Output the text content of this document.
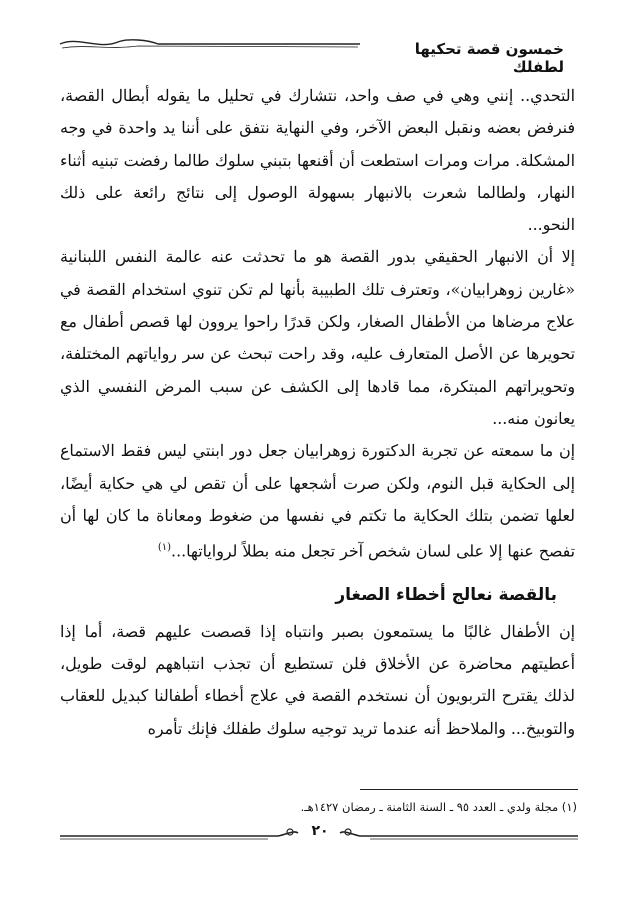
خمسون قصة تحكيها لطفلك

التحدي.. إنني وهي في صف واحد، نتشارك في تحليل ما يقوله أبطال القصة، فنرفض بعضه ونقبل البعض الآخر، وفي النهاية نتفق على أننا يد واحدة في وجه المشكلة. مرات ومرات استطعت أن أقنعها بتبني سلوك طالما رفضت تبنيه أثناء النهار، ولطالما شعرت بالانبهار بسهولة الوصول إلى نتائج رائعة على ذلك النحو...

إلا أن الانبهار الحقيقي بدور القصة هو ما تحدثت عنه عالمة النفس اللبنانية «غارين زوهرابيان»، وتعترف تلك الطبيبة بأنها لم تكن تنوي استخدام القصة في علاج مرضاها من الأطفال الصغار، ولكن قدرًا راحوا يروون لها قصص أطفال مع تحويرها عن الأصل المتعارف عليه، وقد راحت تبحث عن سر رواياتهم المختلفة، وتحويراتهم المبتكرة، مما قادها إلى الكشف عن سبب المرض النفسي الذي يعانون منه...

إن ما سمعته عن تجربة الدكتورة زوهرابيان جعل دور ابنتي ليس فقط الاستماع إلى الحكاية قبل النوم، ولكن صرت أشجعها على أن تقص لي هي حكاية أيضًا، لعلها تضمن بتلك الحكاية ما تكتم في نفسها من ضغوط ومعاناة ما كان لها أن تفصح عنها إلا على لسان شخص آخر تجعل منه بطلاً لرواياتها...$^{(١)}$

بالقصة نعالج أخطاء الصغار

إن الأطفال غالبًا ما يستمعون بصبر وانتباه إذا قصصت عليهم قصة، أما إذا أعطيتهم محاضرة عن الأخلاق فلن تستطيع أن تجذب انتباههم لوقت طويل، لذلك يقترح التربويون أن نستخدم القصة في علاج أخطاء أطفالنا كبديل للعقاب والتوبيخ... والملاحظ أنه عندما تريد توجيه سلوك طفلك فإنك تأمره

(١) مجلة ولدي ـ العدد ٩٥ ـ السنة الثامنة ـ رمضان ١٤٢٧هـ.
٢٠
